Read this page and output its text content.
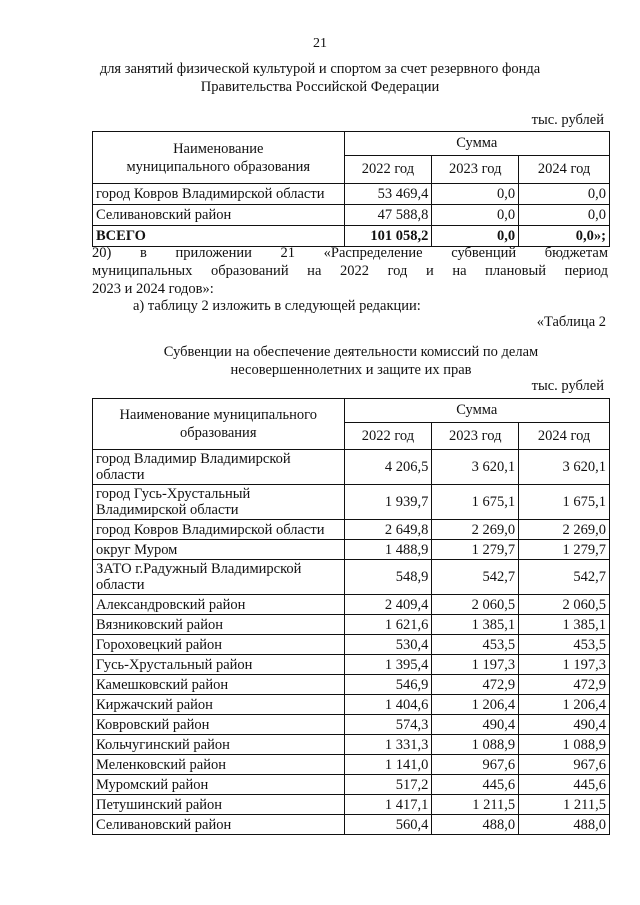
21
для занятий физической культурой и спортом за счет резервного фонда
Правительства Российской Федерации
тыс. рублей
Наименование
муниципального образования	Сумма		
	2022 год	2023 год	2024 год
город Ковров Владимирской области	53 469,4	0,0	0,0
Селивановский район	47 588,8	0,0	0,0
ВСЕГО	101 058,2	0,0	0,0»;
20)      в      приложении      21      «Распределение      субвенций      бюджетам
муниципальных   образований   на   2022   год   и   на   плановый   период
2023 и 2024 годов»:
а) таблицу 2 изложить в следующей редакции:
«Таблица 2
Субвенции на обеспечение деятельности комиссий по делам
несовершеннолетних и защите их прав
тыс. рублей
Наименование муниципального
образования	Сумма		
	2022 год	2023 год	2024 год

город Владимир Владимирской
области	4 206,5	3 620,1	3 620,1

город Гусь-Хрустальный
Владимирской области	1 939,7	1 675,1	1 675,1

город Ковров Владимирской области	2 649,8	2 269,0	2 269,0

округ Муром	1 488,9	1 279,7	1 279,7

ЗАТО г.Радужный Владимирской
области	548,9	542,7	542,7

Александровский район	2 409,4	2 060,5	2 060,5

Вязниковский район	1 621,6	1 385,1	1 385,1

Гороховецкий район	530,4	453,5	453,5

Гусь-Хрустальный район	1 395,4	1 197,3	1 197,3

Камешковский район	546,9	472,9	472,9

Киржачский район	1 404,6	1 206,4	1 206,4

Ковровский район	574,3	490,4	490,4

Кольчугинский район	1 331,3	1 088,9	1 088,9

Меленковский район	1 141,0	967,6	967,6

Муромский район	517,2	445,6	445,6

Петушинский район	1 417,1	1 211,5	1 211,5

Селивановский район	560,4	488,0	488,0
